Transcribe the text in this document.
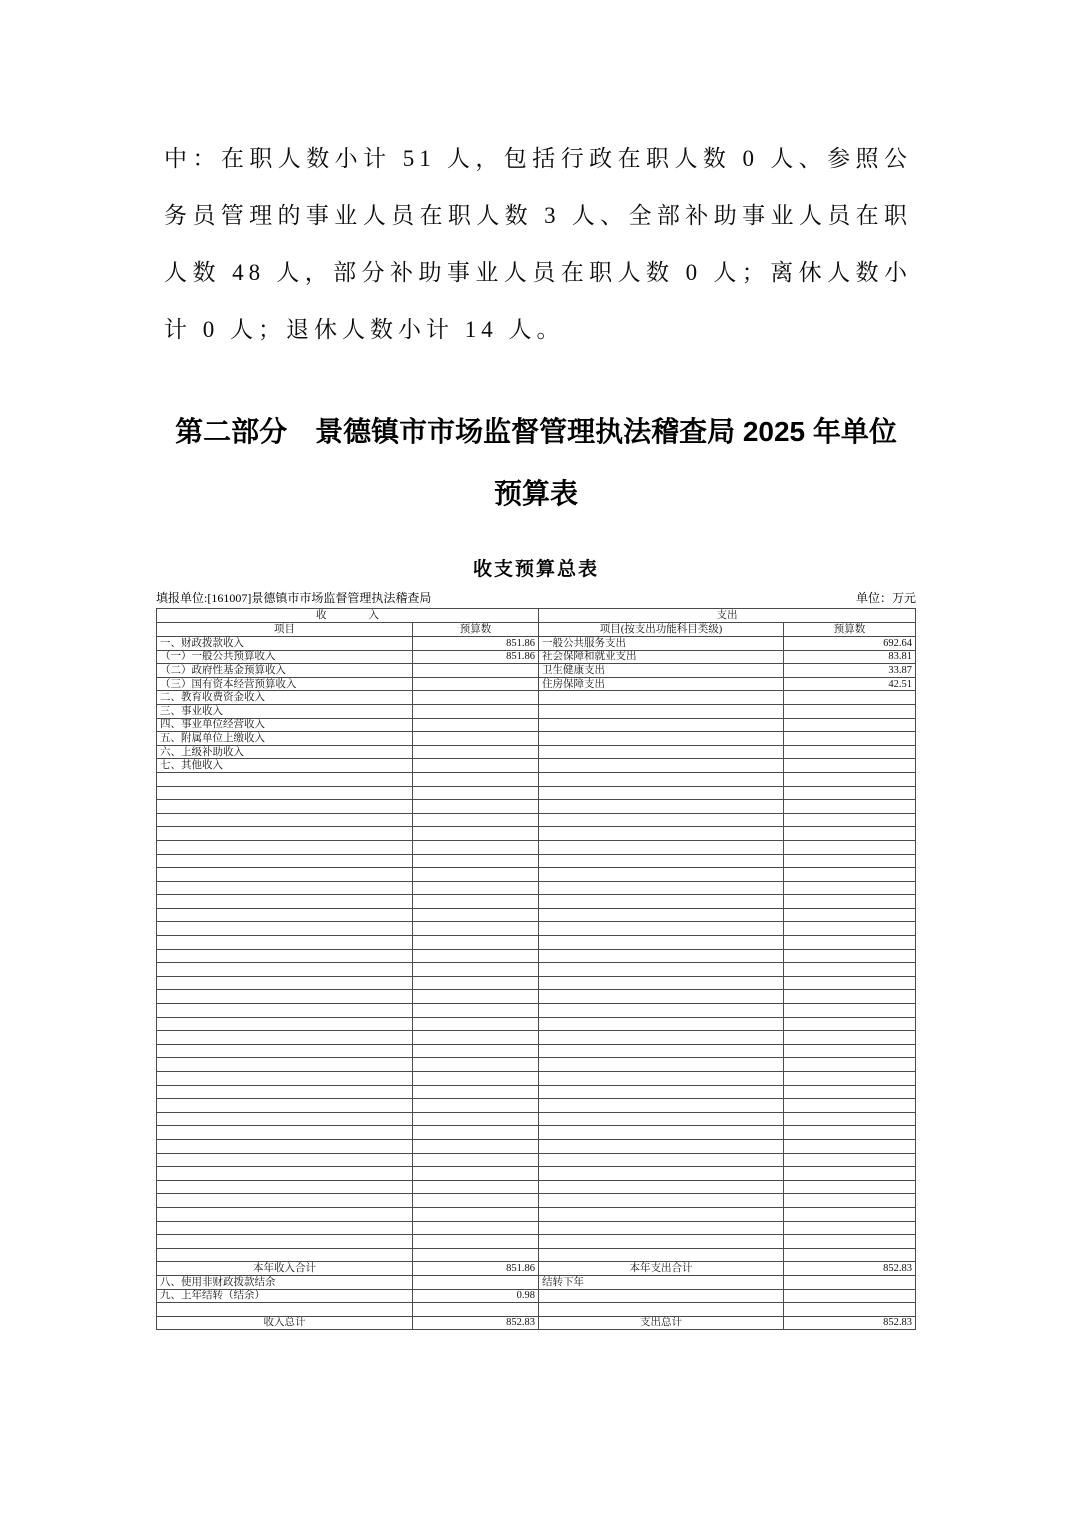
中：在职人数小计 51 人，包括行政在职人数 0 人、参照公务员管理的事业人员在职人数 3 人、全部补助事业人员在职人数 48 人，部分补助事业人员在职人数 0 人；离休人数小计 0 人；退休人数小计 14 人。

第二部分　景德镇市市场监督管理执法稽查局 2025 年单位
预算表
收支预算总表
填报单位:[161007]景德镇市市场监督管理执法稽查局	单位：万元
收　　　　入		支出	
项目	预算数	项目(按支出功能科目类级)	预算数
一、财政拨款收入	851.86	一般公共服务支出	692.64
（一）一般公共预算收入	851.86	社会保障和就业支出	83.81
（二）政府性基金预算收入		卫生健康支出	33.87
（三）国有资本经营预算收入		住房保障支出	42.51
二、教育收费资金收入			
三、事业收入			
四、事业单位经营收入			
五、附属单位上缴收入			
六、上级补助收入			
七、其他收入			

本年收入合计	851.86	本年支出合计	852.83
八、使用非财政拨款结余		结转下年	
九、上年结转（结余）	0.98		

收入总计	852.83	支出总计	852.83
